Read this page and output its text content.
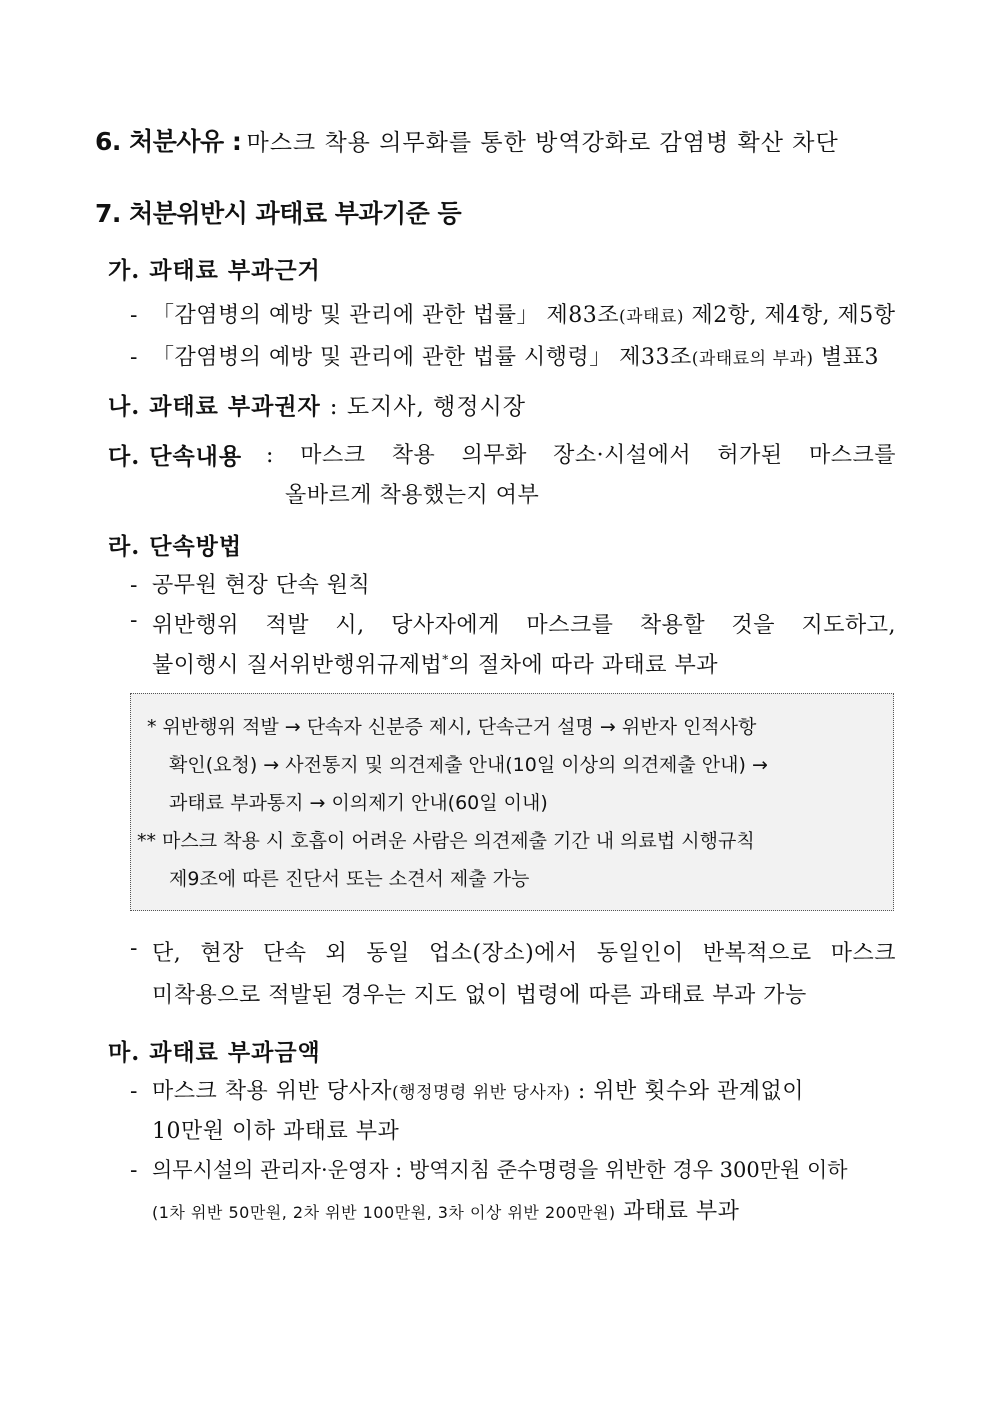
6. 처분사유 : 마스크 착용 의무화를 통한 방역강화로 감염병 확산 차단
7. 처분위반시 과태료 부과기준 등
가. 과태료 부과근거
- 「감염병의 예방 및 관리에 관한 법률」 제83조(과태료) 제2항, 제4항, 제5항
- 「감염병의 예방 및 관리에 관한 법률 시행령」 제33조(과태료의 부과) 별표3
나. 과태료 부과권자 : 도지사, 행정시장
다. 단속내용 : 마스크 착용 의무화 장소·시설에서 허가된 마스크를
올바르게 착용했는지 여부
라. 단속방법
- 공무원 현장 단속 원칙
- 위반행위 적발 시, 당사자에게 마스크를 착용할 것을 지도하고,
불이행시 질서위반행위규제법*의 절차에 따라 과태료 부과
* 위반행위 적발 → 단속자 신분증 제시, 단속근거 설명 → 위반자 인적사항
확인(요청) → 사전통지 및 의견제출 안내(10일 이상의 의견제출 안내) →
과태료 부과통지 → 이의제기 안내(60일 이내)
** 마스크 착용 시 호흡이 어려운 사람은 의견제출 기간 내 의료법 시행규칙
제9조에 따른 진단서 또는 소견서 제출 가능
- 단, 현장 단속 외 동일 업소(장소)에서 동일인이 반복적으로 마스크
미착용으로 적발된 경우는 지도 없이 법령에 따른 과태료 부과 가능
마. 과태료 부과금액
- 마스크 착용 위반 당사자(행정명령 위반 당사자) : 위반 횟수와 관계없이
10만원 이하 과태료 부과
- 의무시설의 관리자·운영자 : 방역지침 준수명령을 위반한 경우 300만원 이하
(1차 위반 50만원, 2차 위반 100만원, 3차 이상 위반 200만원) 과태료 부과
